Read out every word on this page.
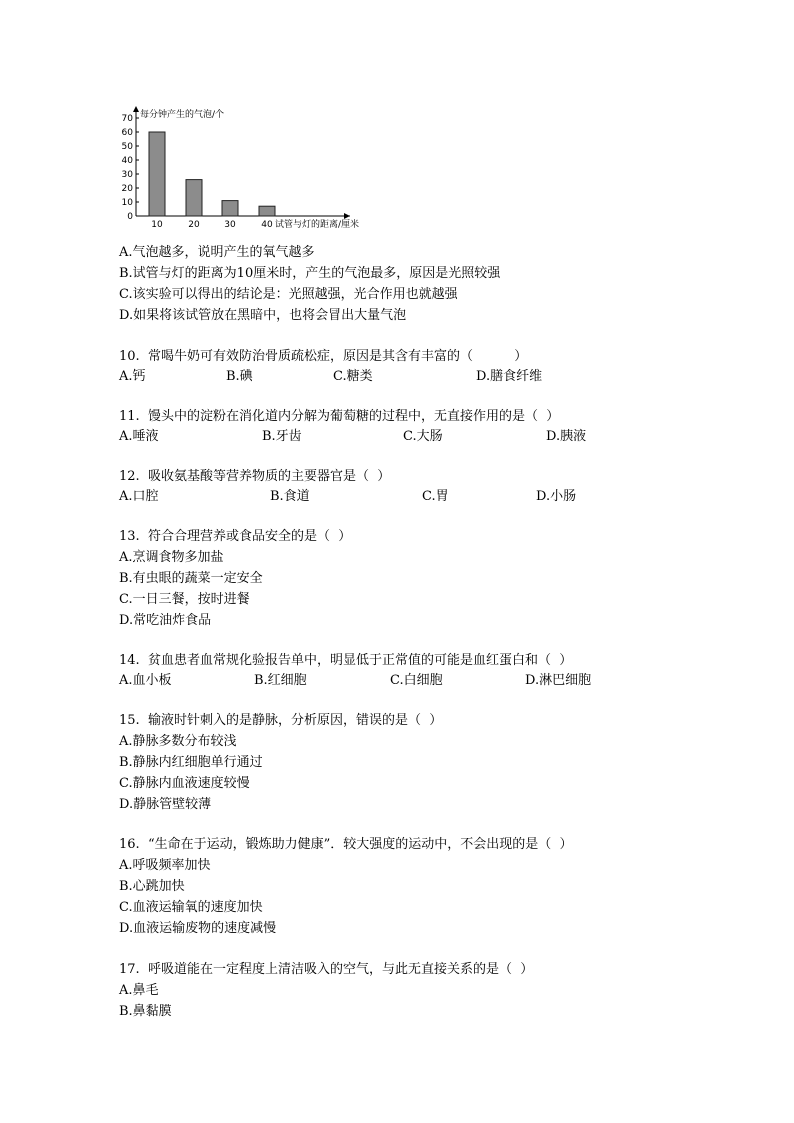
0
10
20
30
40
50
60
70 每分钟产生的气泡/个
10	20	30	40 试管与灯的距离/厘米
A.气泡越多，说明产生的氧气越多
B.试管与灯的距离为10厘米时，产生的气泡最多，原因是光照较强
C.该实验可以得出的结论是：光照越强，光合作用也就越强
D.如果将该试管放在黑暗中，也将会冒出大量气泡
10.  常喝牛奶可有效防治骨质疏松症，原因是其含有丰富的（          ）
A.钙	B.碘	C.糖类	D.膳食纤维
11.  馒头中的淀粉在消化道内分解为葡萄糖的过程中，无直接作用的是（  ）
A.唾液	B.牙齿	C.大肠	D.胰液
12.  吸收氨基酸等营养物质的主要器官是（  ）
A.口腔	B.食道	C.胃	D.小肠
13.  符合合理营养或食品安全的是（  ）
A.烹调食物多加盐
B.有虫眼的蔬菜一定安全
C.一日三餐，按时进餐
D.常吃油炸食品
14.  贫血患者血常规化验报告单中，明显低于正常值的可能是血红蛋白和（  ）
A.血小板	B.红细胞	C.白细胞	D.淋巴细胞
15.  输液时针刺入的是静脉，分析原因，错误的是（  ）
A.静脉多数分布较浅
B.静脉内红细胞单行通过
C.静脉内血液速度较慢
D.静脉管壁较薄
16.  “生命在于运动，锻炼助力健康”．较大强度的运动中，不会出现的是（  ）
A.呼吸频率加快
B.心跳加快
C.血液运输氧的速度加快
D.血液运输废物的速度减慢
17.  呼吸道能在一定程度上清洁吸入的空气，与此无直接关系的是（  ）
A.鼻毛
B.鼻黏膜
